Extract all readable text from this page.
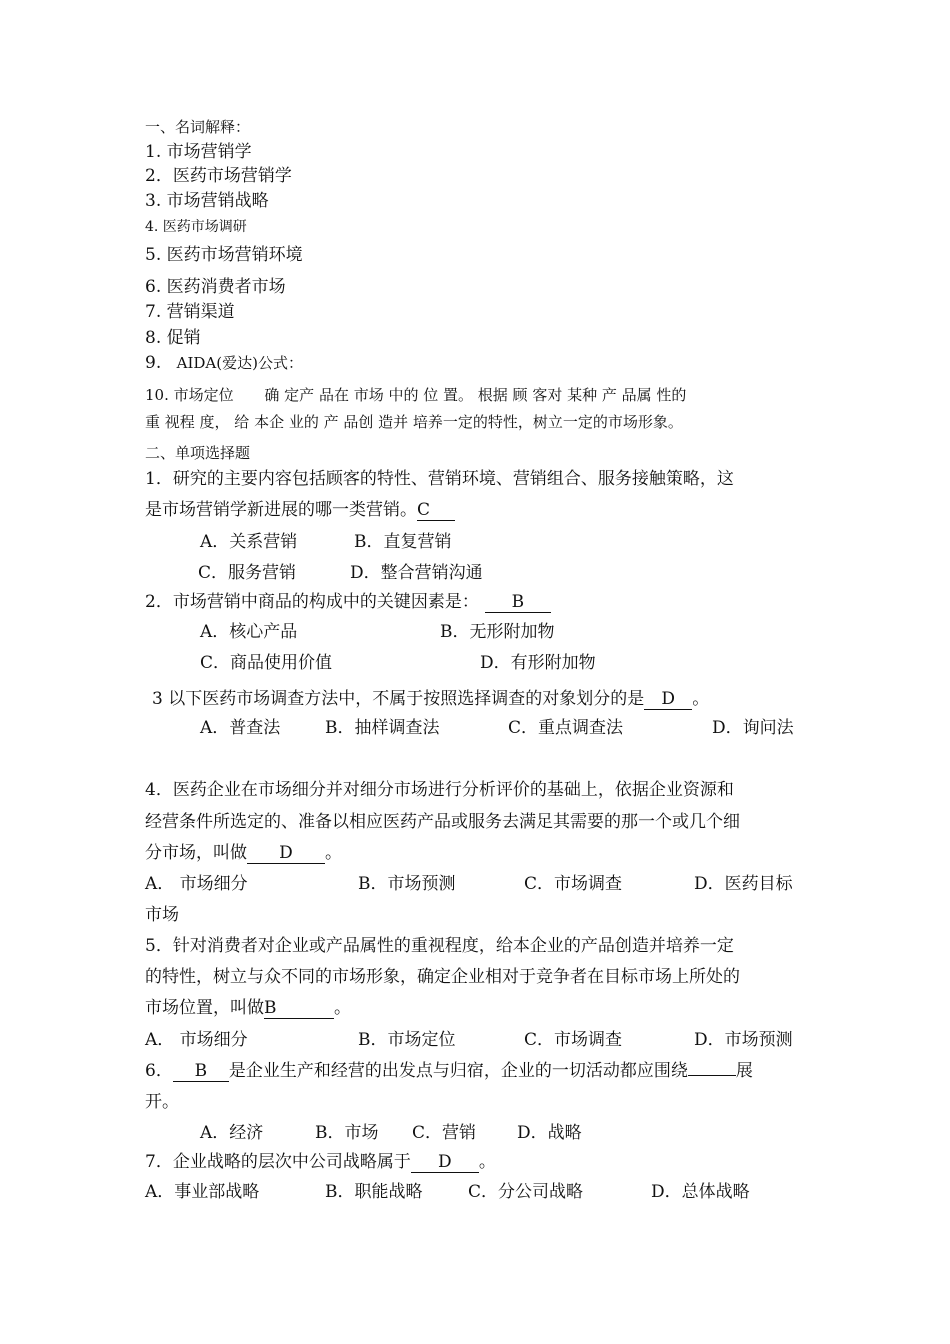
一、名词解释：
1. 市场营销学
2．医药市场营销学
3. 市场营销战略
4. 医药市场调研
5. 医药市场营销环境
6. 医药消费者市场
7. 营销渠道
8. 促销
9. AIDA(爱达)公式：
10. 市场定位 确 定产 品在 市场 中的 位 置。 根据 顾 客对 某种 产 品属 性的
重 视程 度， 给 本企 业的 产 品创 造并 培养一定的特性，树立一定的市场形象。
二、单项选择题
1．研究的主要内容包括顾客的特性、营销环境、营销组合、服务接触策略，这
是市场营销学新进展的哪一类营销。C
A．关系营销	B．直复营销
C．服务营销	D．整合营销沟通
2．市场营销中商品的构成中的关键因素是： B
A．核心产品	B．无形附加物
C．商品使用价值	D．有形附加物
3 以下医药市场调查方法中，不属于按照选择调查的对象划分的是 D 。
A．普查法	B．抽样调查法	C．重点调查法	D．询问法
4．医药企业在市场细分并对细分市场进行分析评价的基础上，依据企业资源和
经营条件所选定的、准备以相应医药产品或服务去满足其需要的那一个或几个细
分市场，叫做 D 。
A． 市场细分	B．市场预测	C．市场调查	D．医药目标
市场
5．针对消费者对企业或产品属性的重视程度，给本企业的产品创造并培养一定
的特性，树立与众不同的市场形象，确定企业相对于竞争者在目标市场上所处的
市场位置，叫做B	。
A． 市场细分	B．市场定位	C．市场调查	D．市场预测
6． B 是企业生产和经营的出发点与归宿，企业的一切活动都应围绕	展
开。
A．经济	B．市场 C．营销 D．战略
7．企业战略的层次中公司战略属于 D 。
A．事业部战略	B．职能战略	C．分公司战略	D．总体战略
